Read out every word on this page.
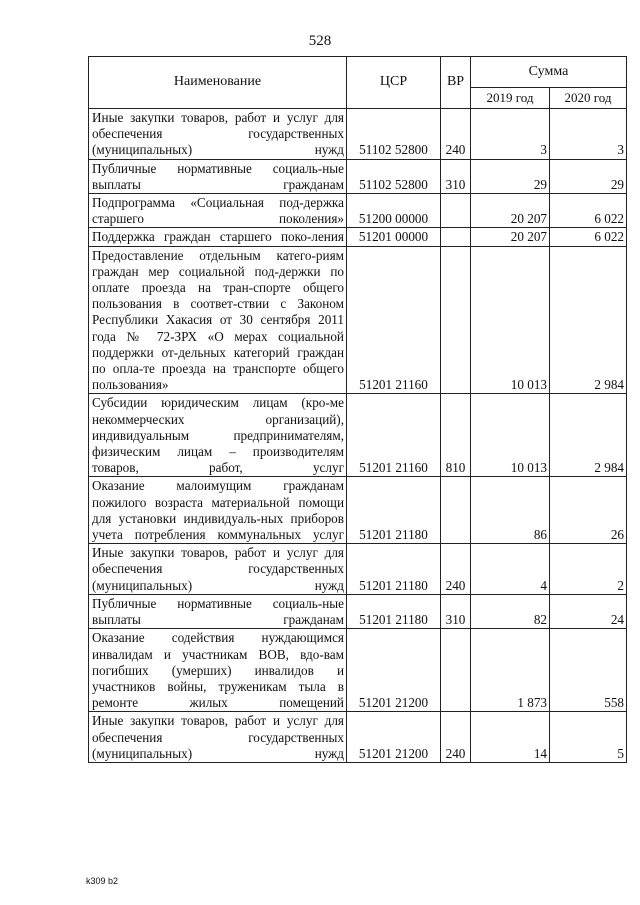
528
Наименование	ЦСР	ВР	Сумма	
			2019 год	2020 год
Иные закупки товаров, работ и услуг для обеспечения государственных (муниципальных) нужд	51102 52800	240	3	3
Публичные нормативные социаль-ные выплаты гражданам	51102 52800	310	29	29
Подпрограмма «Социальная под-держка старшего поколения»	51200 00000		20 207	6 022
Поддержка граждан старшего поко-ления	51201 00000		20 207	6 022
Предоставление отдельным катего-риям граждан мер социальной под-держки по оплате проезда на тран-спорте общего пользования в соответ-ствии с Законом Республики Хакасия от 30 сентября 2011 года № 72-ЗРХ «О мерах социальной поддержки от-дельных категорий граждан по опла-те проезда на транспорте общего пользования»	51201 21160		10 013	2 984
Субсидии юридическим лицам (кро-ме некоммерческих организаций), индивидуальным предпринимателям, физическим лицам – производителям товаров, работ, услуг	51201 21160	810	10 013	2 984
Оказание малоимущим гражданам пожилого возраста материальной помощи для установки индивидуаль-ных приборов учета потребления коммунальных услуг	51201 21180		86	26
Иные закупки товаров, работ и услуг для обеспечения государственных (муниципальных) нужд	51201 21180	240	4	2
Публичные нормативные социаль-ные выплаты гражданам	51201 21180	310	82	24
Оказание содействия нуждающимся инвалидам и участникам ВОВ, вдо-вам погибших (умерших) инвалидов и участников войны, труженикам тыла в ремонте жилых помещений	51201 21200		1 873	558
Иные закупки товаров, работ и услуг для обеспечения государственных (муниципальных) нужд	51201 21200	240	14	5
k309 b2
